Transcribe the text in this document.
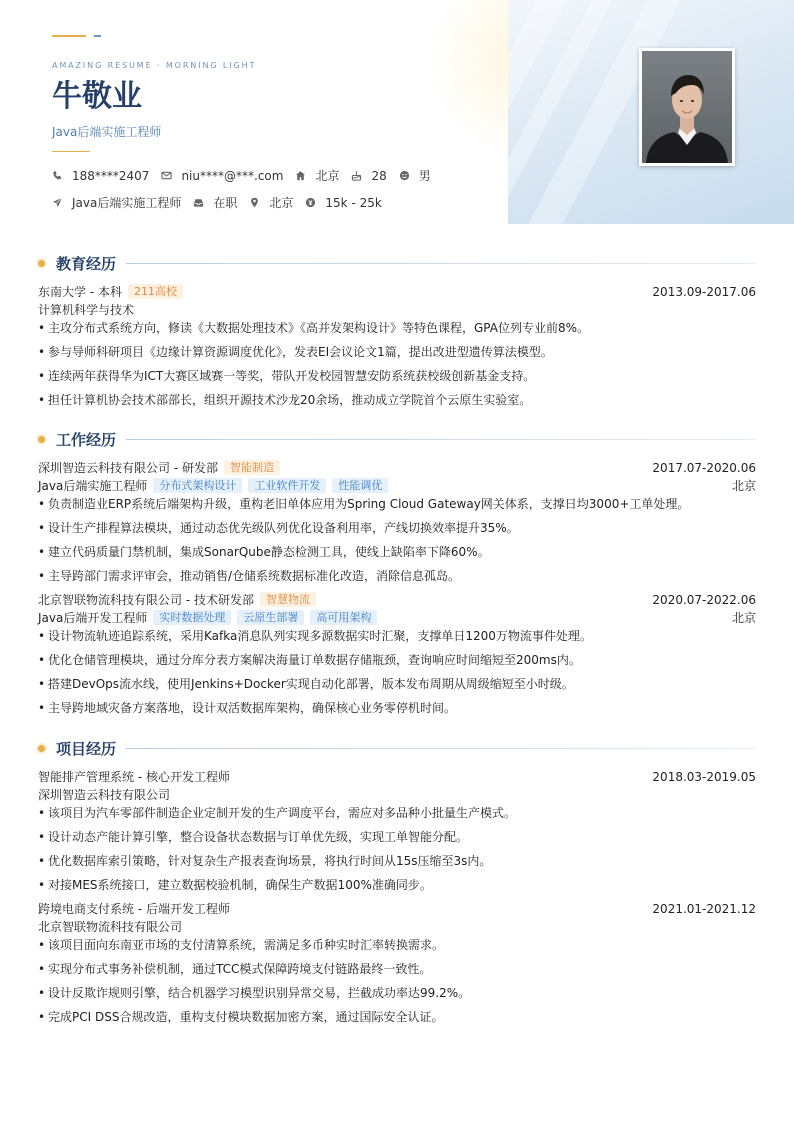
AMAZING RESUME · MORNING LIGHT
牛敬业
Java后端实施工程师
188****2407	niu****@***.com	北京	28	男
Java后端实施工程师	在职	北京	15k - 25k
教育经历
东南大学 - 本科	211高校	2013.09-2017.06
计算机科学与技术
• 主攻分布式系统方向，修读《大数据处理技术》《高并发架构设计》等特色课程，GPA位列专业前8%。
• 参与导师科研项目《边缘计算资源调度优化》，发表EI会议论文1篇，提出改进型遗传算法模型。
• 连续两年获得华为ICT大赛区域赛一等奖，带队开发校园智慧安防系统获校级创新基金支持。
• 担任计算机协会技术部部长，组织开源技术沙龙20余场，推动成立学院首个云原生实验室。
工作经历
深圳智造云科技有限公司 - 研发部	智能制造	2017.07-2020.06
Java后端实施工程师	分布式架构设计	工业软件开发	性能调优	北京
• 负责制造业ERP系统后端架构升级，重构老旧单体应用为Spring Cloud Gateway网关体系，支撑日均3000+工单处理。
• 设计生产排程算法模块，通过动态优先级队列优化设备利用率，产线切换效率提升35%。
• 建立代码质量门禁机制，集成SonarQube静态检测工具，使线上缺陷率下降60%。
• 主导跨部门需求评审会，推动销售/仓储系统数据标准化改造，消除信息孤岛。
北京智联物流科技有限公司 - 技术研发部	智慧物流	2020.07-2022.06
Java后端开发工程师	实时数据处理	云原生部署	高可用架构	北京
• 设计物流轨迹追踪系统，采用Kafka消息队列实现多源数据实时汇聚，支撑单日1200万物流事件处理。
• 优化仓储管理模块，通过分库分表方案解决海量订单数据存储瓶颈，查询响应时间缩短至200ms内。
• 搭建DevOps流水线，使用Jenkins+Docker实现自动化部署，版本发布周期从周级缩短至小时级。
• 主导跨地域灾备方案落地，设计双活数据库架构，确保核心业务零停机时间。
项目经历
智能排产管理系统 - 核心开发工程师	2018.03-2019.05
深圳智造云科技有限公司
• 该项目为汽车零部件制造企业定制开发的生产调度平台，需应对多品种小批量生产模式。
• 设计动态产能计算引擎，整合设备状态数据与订单优先级，实现工单智能分配。
• 优化数据库索引策略，针对复杂生产报表查询场景，将执行时间从15s压缩至3s内。
• 对接MES系统接口，建立数据校验机制，确保生产数据100%准确同步。
跨境电商支付系统 - 后端开发工程师	2021.01-2021.12
北京智联物流科技有限公司
• 该项目面向东南亚市场的支付清算系统，需满足多币种实时汇率转换需求。
• 实现分布式事务补偿机制，通过TCC模式保障跨境支付链路最终一致性。
• 设计反欺诈规则引擎，结合机器学习模型识别异常交易，拦截成功率达99.2%。
• 完成PCI DSS合规改造，重构支付模块数据加密方案，通过国际安全认证。
